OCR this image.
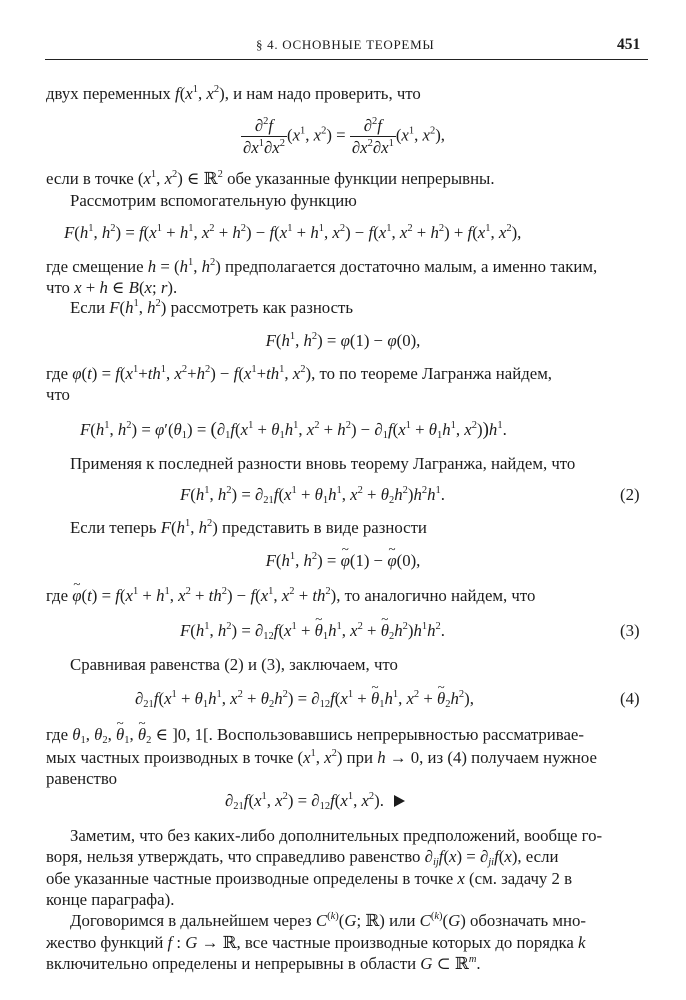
§ 4. ОСНОВНЫЕ ТЕОРЕМЫ	451
двух переменных $f(x^1$, $x^2$), и нам надо проверить, что
$\frac{\partial^2f}{\partial x^1\partial x^2} (x^1$, $x^2) = \frac{\partial^2f}{\partial x^2\partial x^1} (x^1$, $x^2$),
если в точке ($x^1$, $x^2$) ∈ ℝ$^2$ обе указанные функции непрерывны.
Рассмотрим вспомогательную функцию
$F(h^1$, $h^2) = f(x^1 + h^1$, $x^2 + h^2) - f(x^1 + h^1$, $x^2) - f(x^1$, $x^2 + h^2) + f(x^1$, $x^2$),
где смещение $h = (h^1$, $h^2$) предполагается достаточно малым, а именно таким,
что x + h ∈ B(x; r).
Если $F(h^1$, $h^2$) рассмотреть как разность
$F(h^1$, $h^2) = \varphi(1) - \varphi(0)$,
где $\varphi(t) = f(x^1+th^1$, $x^2+h^2) - f(x^1+th^1$, $x^2$), то по теореме Лагранжа найдем,
что
$F(h^1$, $h^2) = \varphi'(\theta_1) = (\partial_1f(x^1 + \theta_1h^1$, $x^2 + h^2) - \partial_1f(x^1 + \theta_1h^1$, $x^2))h^1$.
Применяя к последней разности вновь теорему Лагранжа, найдем, что
$F(h^1$, $h^2) = \partial_{21}f(x^1 + \theta_1h^1$, $x^2 + \theta_2h^2)h^2h^1$.	(2)
Если теперь $F(h^1$, $h^2$) представить в виде разности
$F(h^1$, $h^2$) = ~ φ(1) − ~ φ(0),
где ~ $\varphi(t) = f(x^1 + h^1$, $x^2 + th^2) - f(x^1$, $x^2 + th^2$), то аналогично найдем, что
$F(h^1$, $h^2) = \partial_{12}f(x^1$ + ~ $\theta_1h^1$, $x^2$ + ~ $\theta_2h^2)h^1h^2$.	(3)
Сравнивая равенства (2) и (3), заключаем, что
$\partial_{21}f(x^1 + \theta_1h^1$, $x^2 + \theta_2h^2) = \partial_{12}f(x^1$ + ~ $\theta_1h^1$, $x^2$ + ~ $\theta_2h^2$),	(4)
где $\theta_1$, $\theta_2$, ~ $\theta_1$, ~ $\theta_2$ ∈ ]0, 1[. Воспользовавшись непрерывностью рассматривае-
мых частных производных в точке ($x^1$, $x^2$) при h → 0, из (4) получаем нужное
равенство
$\partial_{21}f(x^1$, $x^2) = \partial_{12}f(x^1$, $x^2$).
Заметим, что без каких-либо дополнительных предположений, вообще го-
воря, нельзя утверждать, что справедливо равенство $\partial_{ij}f(x) = \partial_{ji}f(x)$, если
обе указанные частные производные определены в точке x (см. задачу 2 в
конце параграфа).
Договоримся в дальнейшем через $C^{(k)}(G$; ℝ) или $C^{(k)}(G)$ обозначать мно-
жество функций f : G → ℝ, все частные производные которых до порядка k
включительно определены и непрерывны в области G ⊂ ℝ$^m$.
